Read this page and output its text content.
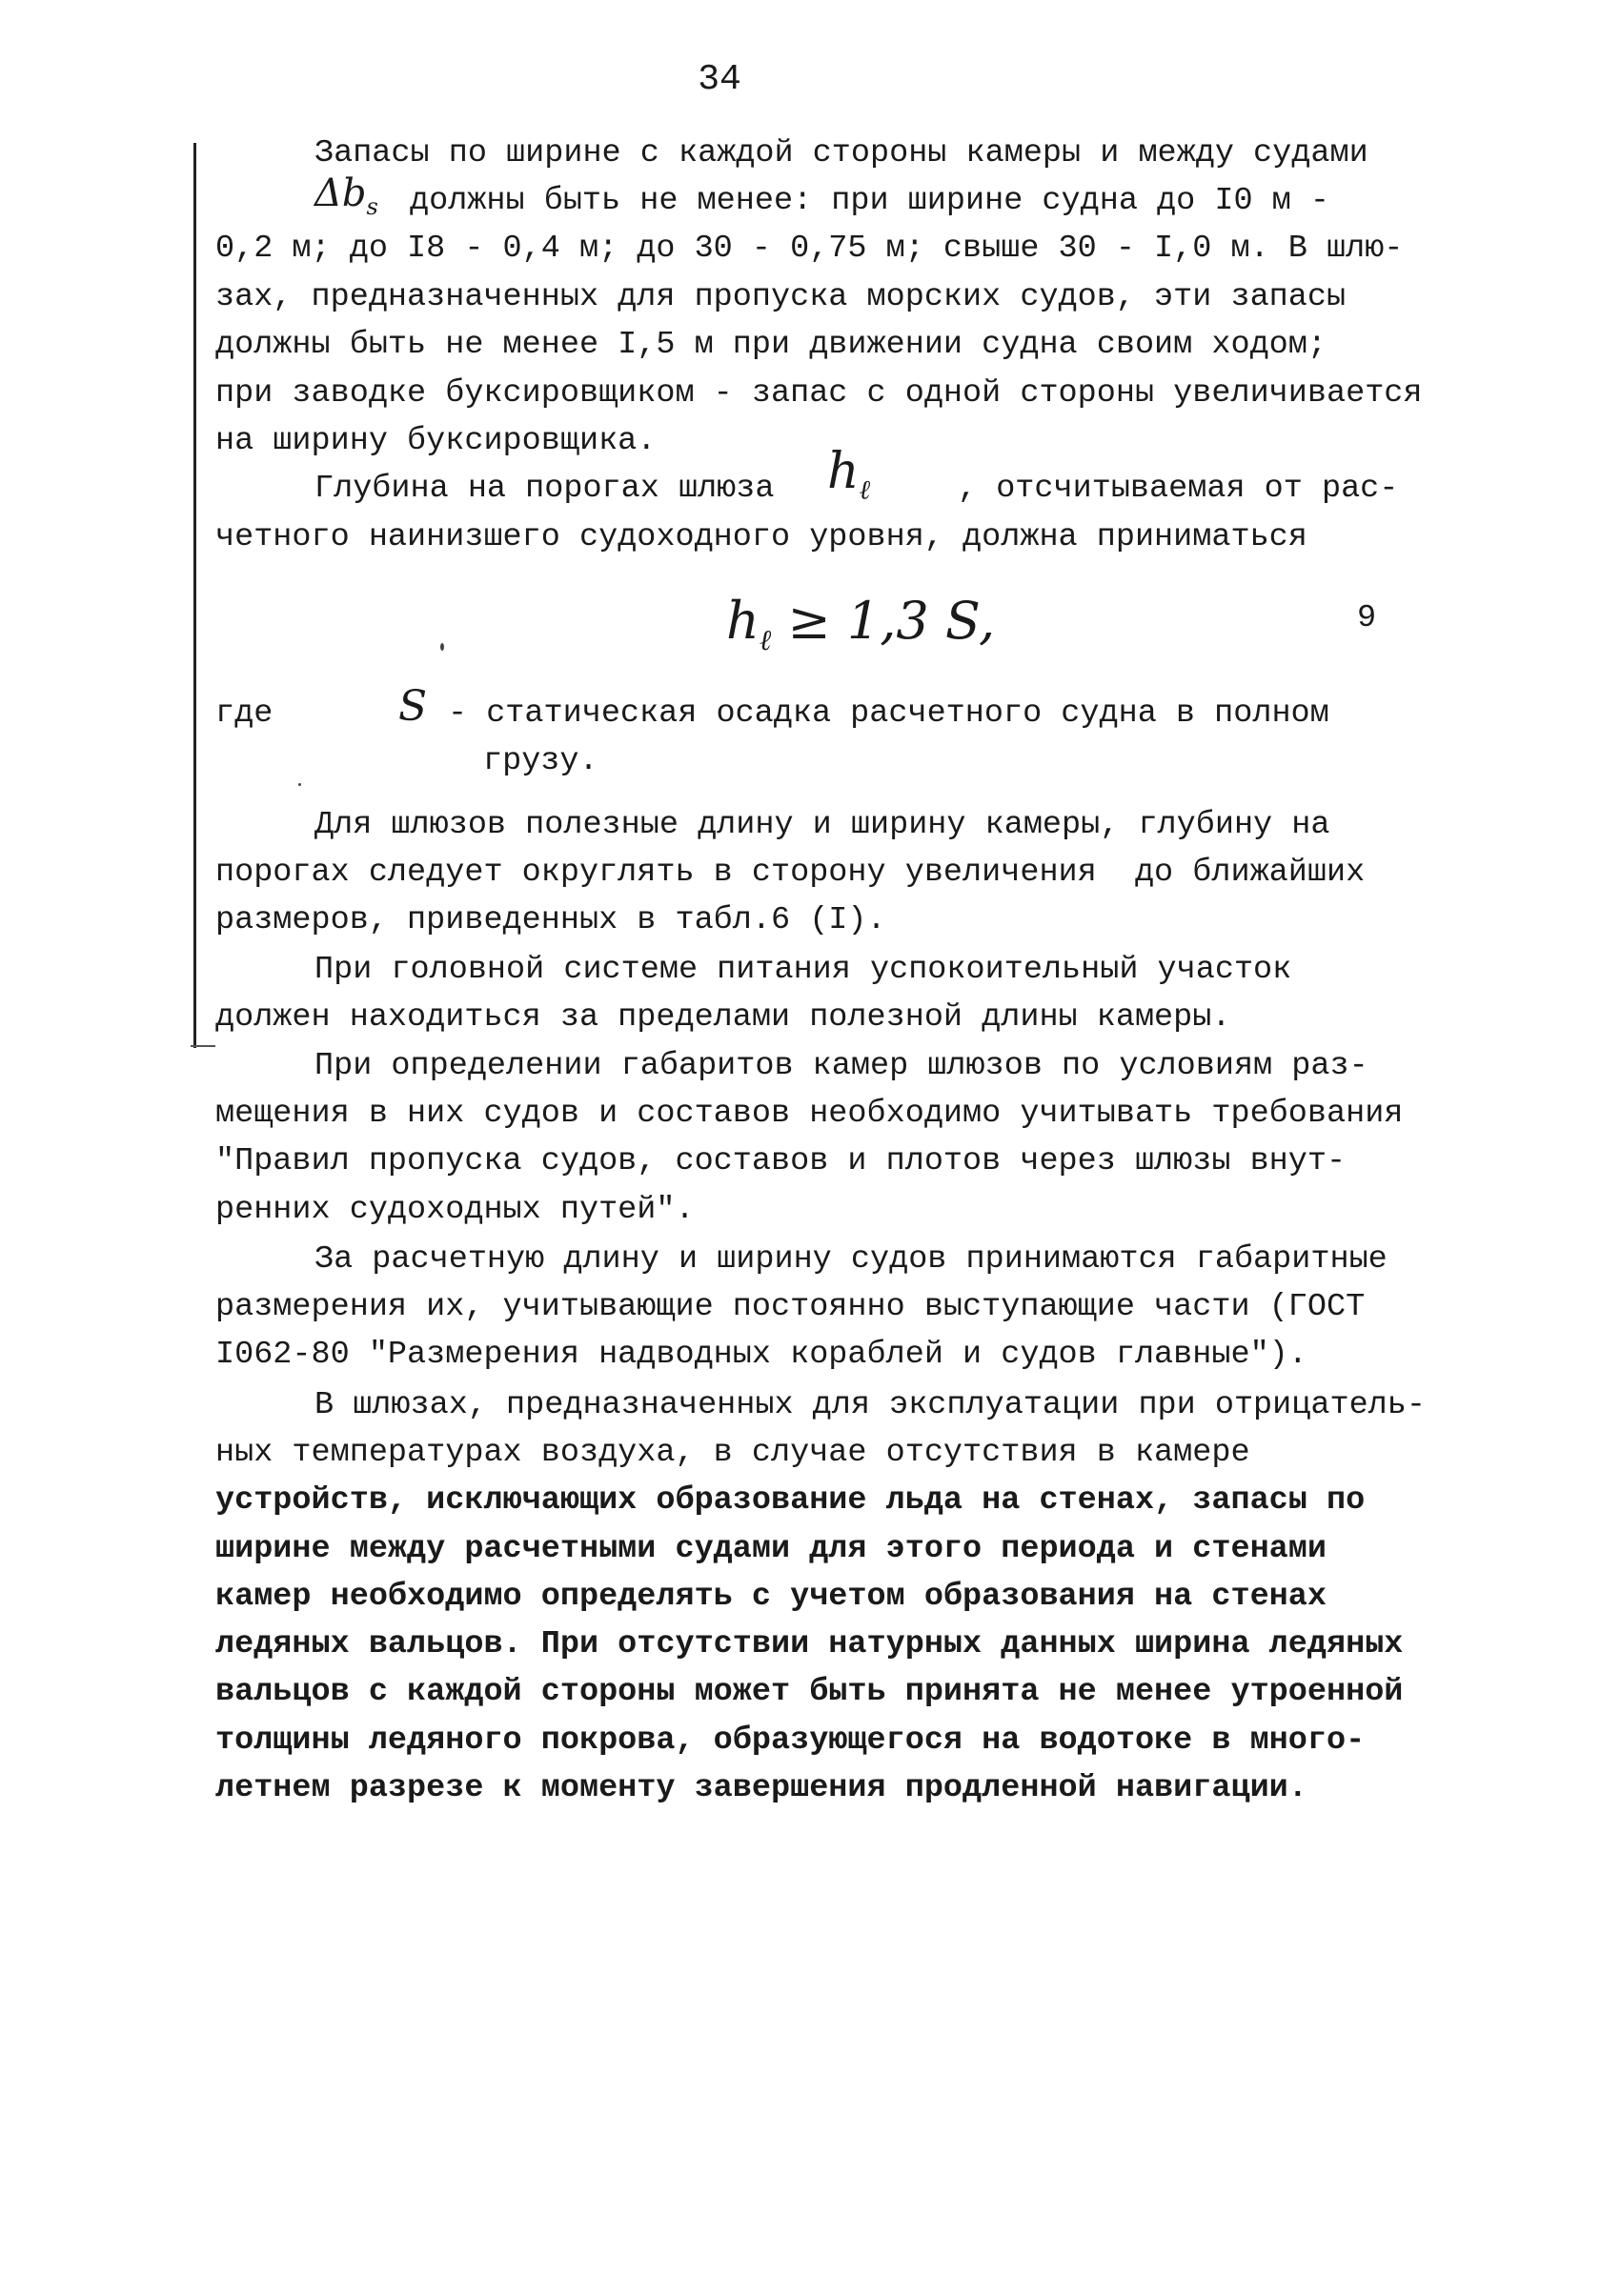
34
Запасы по ширине с каждой стороны камеры и между судами
$\Delta b_s$ должны быть не менее: при ширине судна до I0 м -
0,2 м; до I8 - 0,4 м; до 30 - 0,75 м; свыше 30 - I,0 м. В шлю-
зах, предназначенных для пропуска морских судов, эти запасы
должны быть не менее I,5 м при движении судна своим ходом;
при заводке буксировщиком - запас с одной стороны увеличивается
на ширину буксировщика.
Глубина на порогах шлюза $h_\ell$	, отсчитываемая от рас-
четного наинизшего судоходного уровня, должна приниматься
$h_\ell \ge 1,3$ S,	9
где	S - статическая осадка расчетного судна в полном
грузу.
Для шлюзов полезные длину и ширину камеры, глубину на
порогах следует округлять в сторону увеличения  до ближайших
размеров, приведенных в табл.6 (I).
При головной системе питания успокоительный участок
должен находиться за пределами полезной длины камеры.
При определении габаритов камер шлюзов по условиям раз-
мещения в них судов и составов необходимо учитывать требования
"Правил пропуска судов, составов и плотов через шлюзы внут-
ренних судоходных путей".
За расчетную длину и ширину судов принимаются габаритные
размерения их, учитывающие постоянно выступающие части (ГОСТ
I062-80 "Размерения надводных кораблей и судов главные").
В шлюзах, предназначенных для эксплуатации при отрицатель-
ных температурах воздуха, в случае отсутствия в камере
устройств, исключающих образование льда на стенах, запасы по
ширине между расчетными судами для этого периода и стенами
камер необходимо определять с учетом образования на стенах
ледяных вальцов. При отсутствии натурных данных ширина ледяных
вальцов с каждой стороны может быть принята не менее утроенной
толщины ледяного покрова, образующегося на водотоке в много-
летнем разрезе к моменту завершения продленной навигации.
